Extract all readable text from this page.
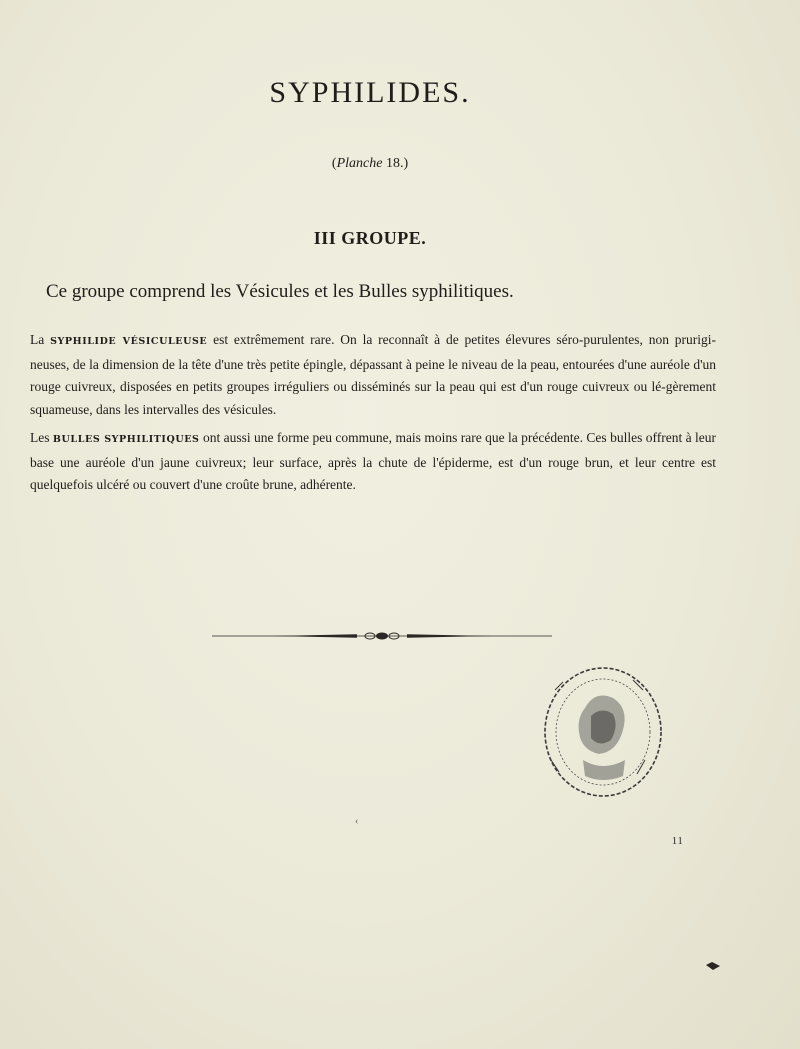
SYPHILIDES.
(Planche 18.)
III GROUPE.
Ce groupe comprend les Vésicules et les Bulles syphilitiques.
La SYPHILIDE VÉSICULEUSE est extrêmement rare. On la reconnaît à de petites élevures séro-purulentes, non prurigi-neuses, de la dimension de la tête d'une très petite épingle, dépassant à peine le niveau de la peau, entourées d'une auréole d'un rouge cuivreux, disposées en petits groupes irréguliers ou disséminés sur la peau qui est d'un rouge cuivreux ou lé-gèrement squameuse, dans les intervalles des vésicules.
Les BULLES SYPHILITIQUES ont aussi une forme peu commune, mais moins rare que la précédente. Ces bulles offrent à leur base une auréole d'un jaune cuivreux; leur surface, après la chute de l'épiderme, est d'un rouge brun, et leur centre est quelquefois ulcéré ou couvert d'une croûte brune, adhérente.
‹
11
